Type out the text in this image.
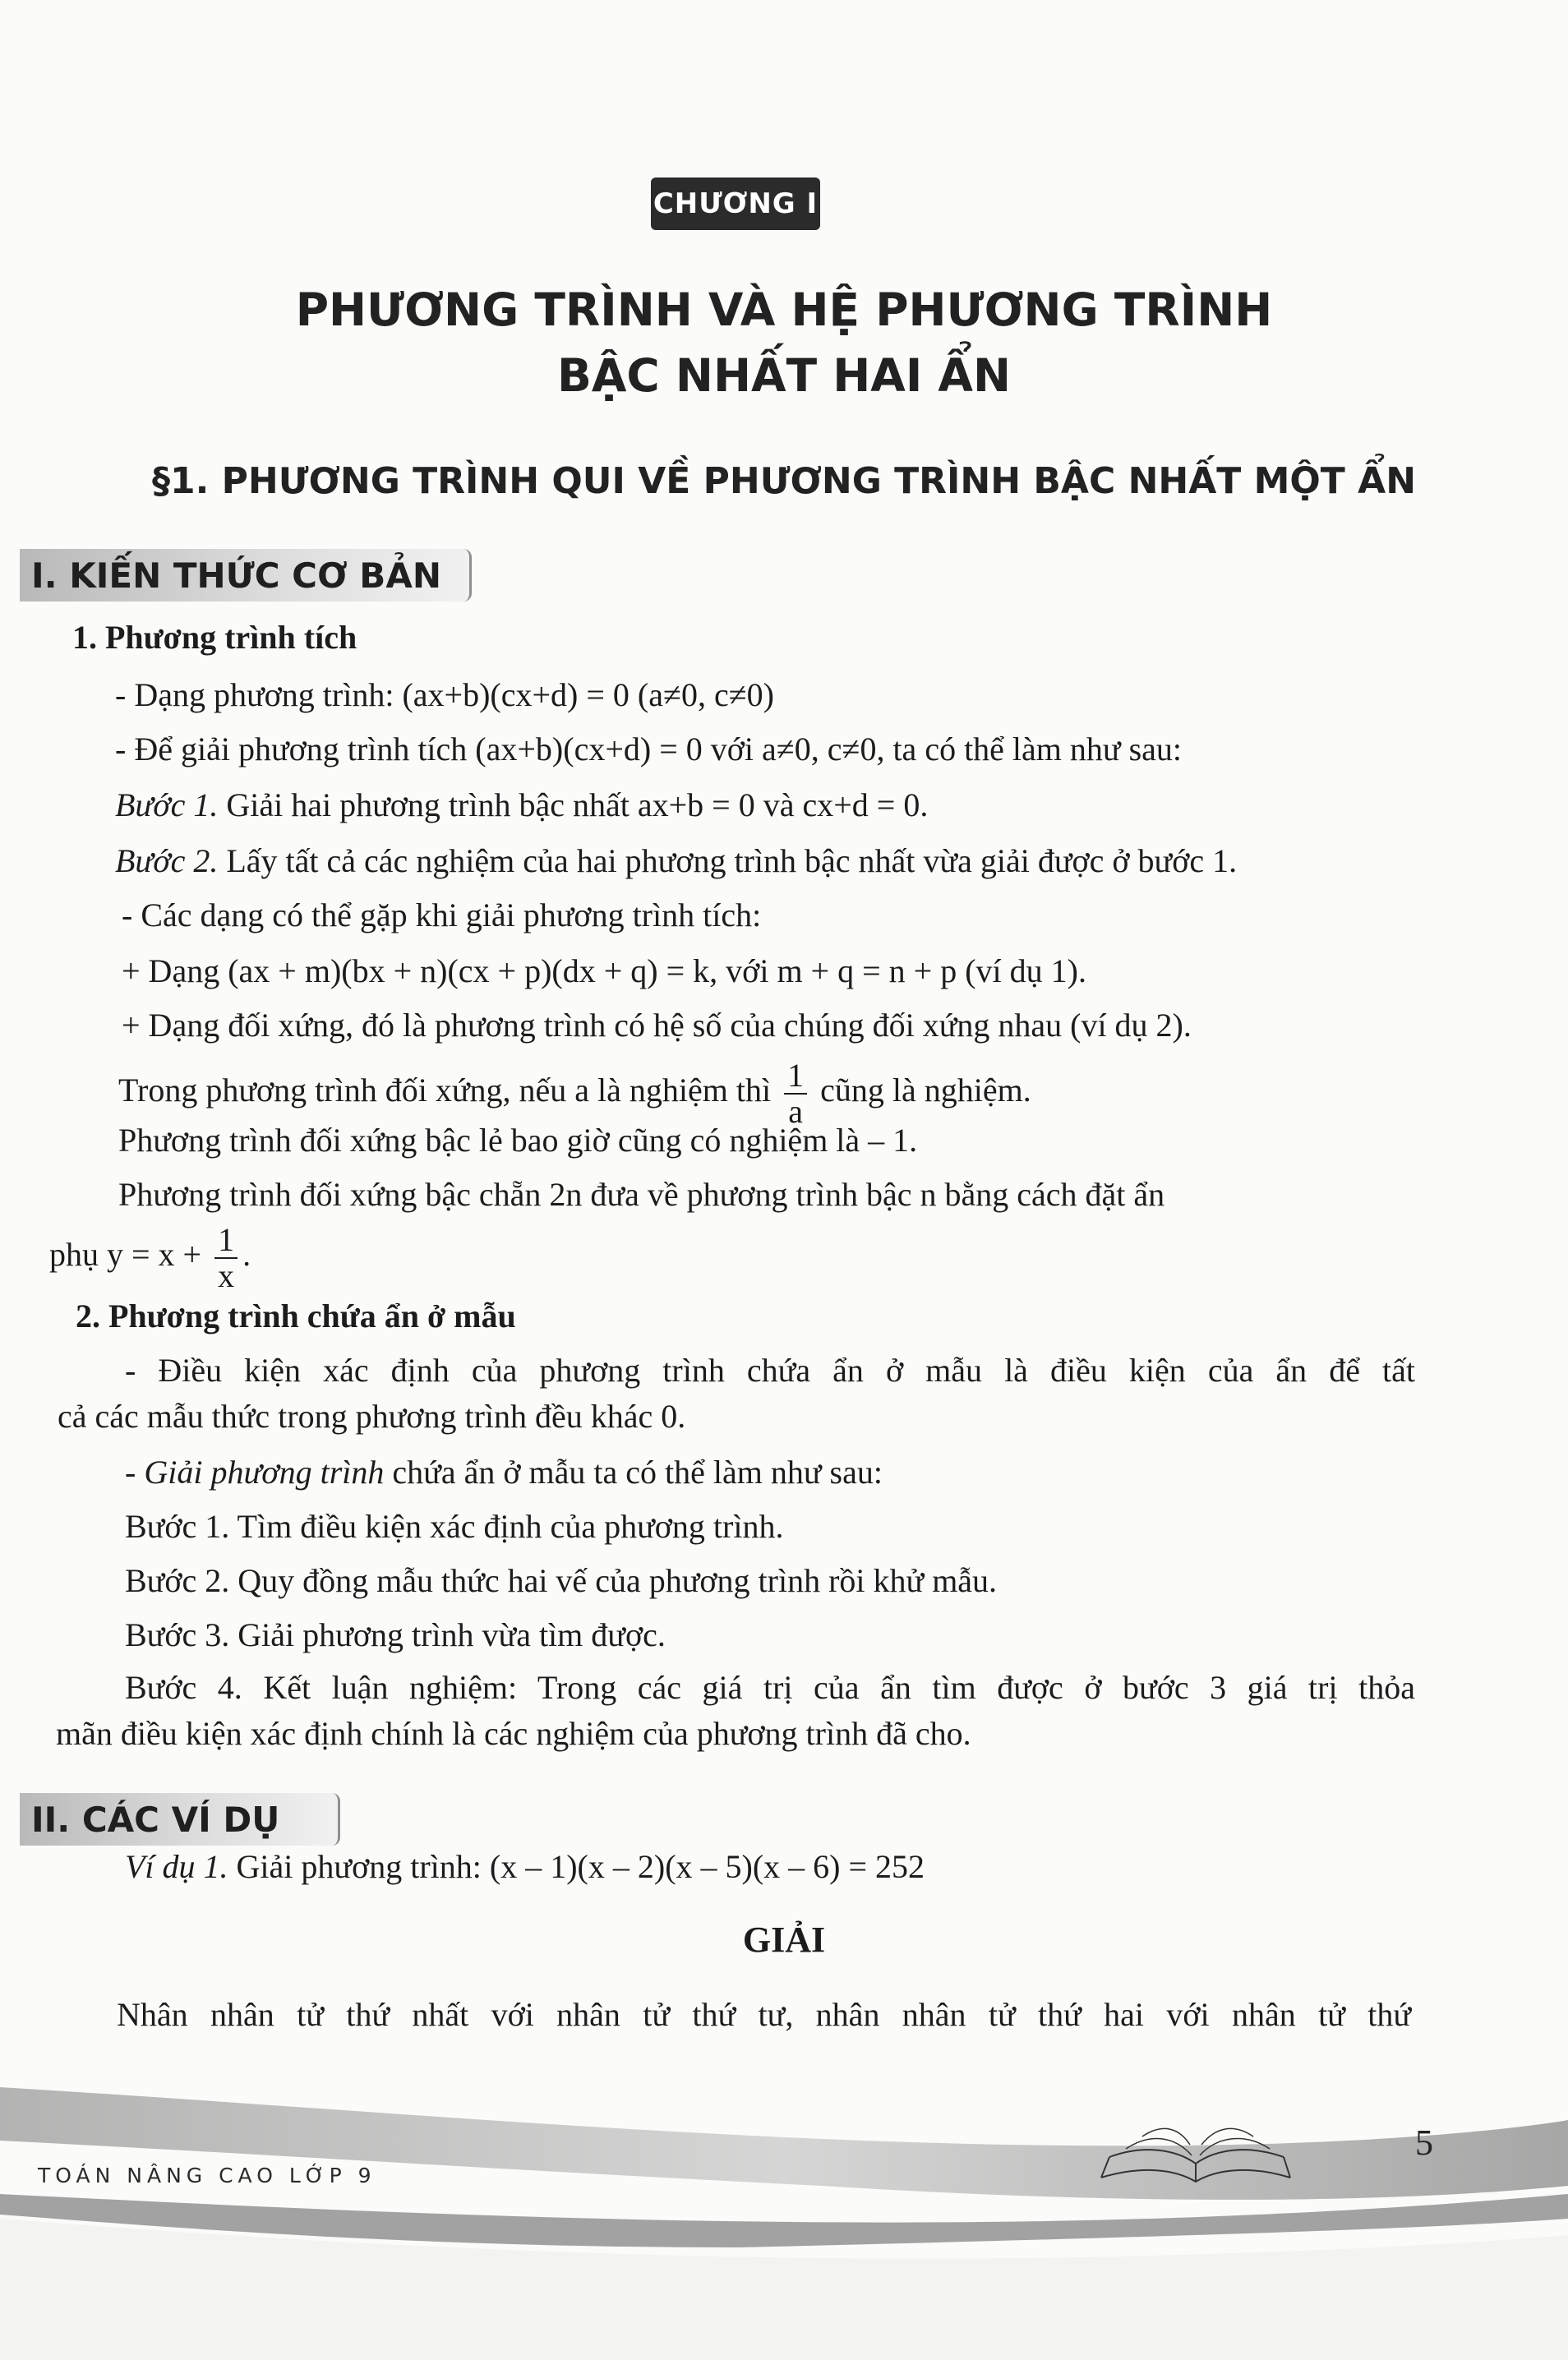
CHƯƠNG I
PHƯƠNG TRÌNH VÀ HỆ PHƯƠNG TRÌNH
BẬC NHẤT HAI ẨN
§1. PHƯƠNG TRÌNH QUI VỀ PHƯƠNG TRÌNH BẬC NHẤT MỘT ẨN
I. KIẾN THỨC CƠ BẢN
1. Phương trình tích
- Dạng phương trình: (ax+b)(cx+d) = 0 (a≠0, c≠0)
- Để giải phương trình tích (ax+b)(cx+d) = 0 với a≠0, c≠0, ta có thể làm như sau:
Bước 1. Giải hai phương trình bậc nhất ax+b = 0 và cx+d = 0.
Bước 2. Lấy tất cả các nghiệm của hai phương trình bậc nhất vừa giải được ở bước 1.
- Các dạng có thể gặp khi giải phương trình tích:
+ Dạng (ax + m)(bx + n)(cx + p)(dx + q) = k, với m + q = n + p (ví dụ 1).
+ Dạng đối xứng, đó là phương trình có hệ số của chúng đối xứng nhau (ví dụ 2).
Trong phương trình đối xứng, nếu a là nghiệm thì $\frac{1}{a}$ cũng là nghiệm.
Phương trình đối xứng bậc lẻ bao giờ cũng có nghiệm là – 1.
Phương trình đối xứng bậc chẵn 2n đưa về phương trình bậc n bằng cách đặt ẩn
phụ $y = x + \frac{1}{x}$ .
2. Phương trình chứa ẩn ở mẫu
- Điều kiện xác định của phương trình chứa ẩn ở mẫu là điều kiện của ẩn để tất
cả các mẫu thức trong phương trình đều khác 0.
- Giải phương trình chứa ẩn ở mẫu ta có thể làm như sau:
Bước 1. Tìm điều kiện xác định của phương trình.
Bước 2. Quy đồng mẫu thức hai vế của phương trình rồi khử mẫu.
Bước 3. Giải phương trình vừa tìm được.
Bước 4. Kết luận nghiệm: Trong các giá trị của ẩn tìm được ở bước 3 giá trị thỏa
mãn điều kiện xác định chính là các nghiệm của phương trình đã cho.
II. CÁC VÍ DỤ
Ví dụ 1. Giải phương trình: (x – 1)(x – 2)(x – 5)(x – 6) = 252
GIẢI
Nhân nhân tử thứ nhất với nhân tử thứ tư, nhân nhân tử thứ hai với nhân tử thứ
TOÁN NÂNG CAO LỚP 9
5
